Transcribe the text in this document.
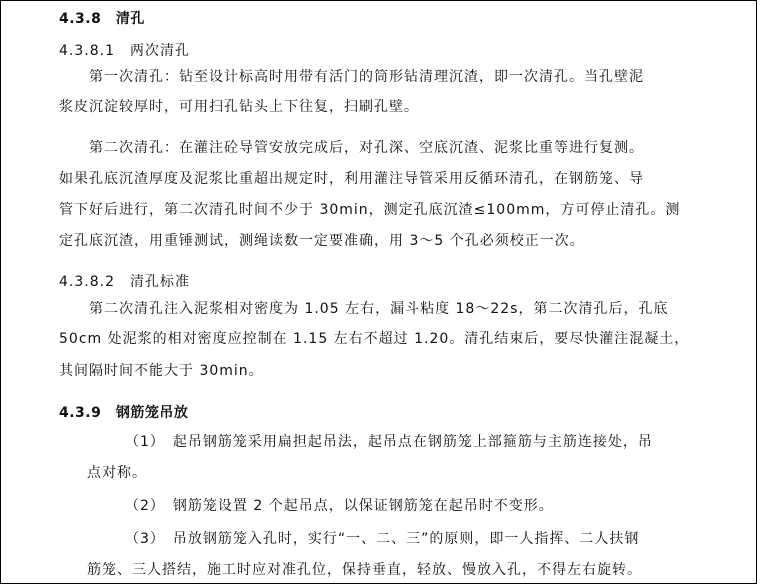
4.3.8　清孔
4.3.8.1　两次清孔
第一次清孔：钻至设计标高时用带有活门的筒形钻清理沉渣，即一次清孔。当孔壁泥
浆皮沉淀较厚时，可用扫孔钻头上下往复，扫刷孔壁。
第二次清孔：在灌注砼导管安放完成后，对孔深、空底沉渣、泥浆比重等进行复测。
如果孔底沉渣厚度及泥浆比重超出规定时，利用灌注导管采用反循环清孔，在钢筋笼、导
管下好后进行，第二次清孔时间不少于 30min，测定孔底沉渣≤100mm，方可停止清孔。测
定孔底沉渣，用重锤测试，测绳读数一定要准确，用 3～5 个孔必须校正一次。
4.3.8.2　清孔标准
第二次清孔注入泥浆相对密度为 1.05 左右，漏斗粘度 18～22s，第二次清孔后，孔底
50cm 处泥浆的相对密度应控制在 1.15 左右不超过 1.20。清孔结束后，要尽快灌注混凝土，
其间隔时间不能大于 30min。
4.3.9　钢筋笼吊放
（1）　起吊钢筋笼采用扁担起吊法，起吊点在钢筋笼上部箍筋与主筋连接处，吊
点对称。
（2）　钢筋笼设置 2 个起吊点，以保证钢筋笼在起吊时不变形。
（3）　吊放钢筋笼入孔时，实行“一、二、三”的原则，即一人指挥、二人扶钢
筋笼、三人搭结，施工时应对准孔位，保持垂直，轻放、慢放入孔，不得左右旋转。
